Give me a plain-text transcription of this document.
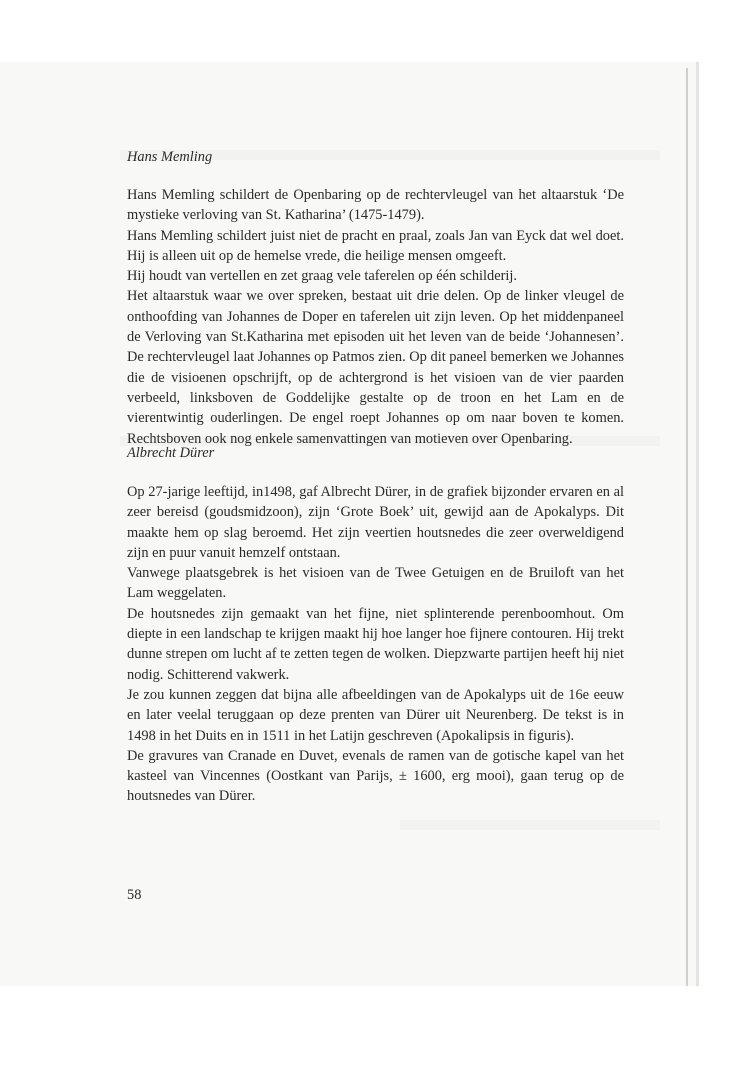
Hans Memling

Hans Memling schildert de Openbaring op de rechtervleugel van het altaarstuk ‘De mystieke verloving van St. Katharina’ (1475-1479).

Hans Memling schildert juist niet de pracht en praal, zoals Jan van Eyck dat wel doet. Hij is alleen uit op de hemelse vrede, die heilige mensen omgeeft.

Hij houdt van vertellen en zet graag vele taferelen op één schilderij.

Het altaarstuk waar we over spreken, bestaat uit drie delen. Op de linker vleugel de onthoofding van Johannes de Doper en taferelen uit zijn leven. Op het middenpaneel de Verloving van St.Katharina met episoden uit het leven van de beide ‘Johannesen’. De rechtervleugel laat Johannes op Patmos zien. Op dit paneel bemerken we Johannes die de visioenen opschrijft, op de achtergrond is het visioen van de vier paarden verbeeld, linksboven de Goddelijke gestalte op de troon en het Lam en de vierentwintig ouderlingen. De engel roept Johannes op om naar boven te komen. Rechtsboven ook nog enkele samenvattingen van motieven over Openbaring.

Albrecht Dürer

Op 27-jarige leeftijd, in1498, gaf Albrecht Dürer, in de grafiek bijzonder ervaren en al zeer bereisd (goudsmidzoon), zijn ‘Grote Boek’ uit, gewijd aan de Apokalyps. Dit maakte hem op slag beroemd. Het zijn veertien houtsnedes die zeer overweldigend zijn en puur vanuit hemzelf ontstaan.

Vanwege plaatsgebrek is het visioen van de Twee Getuigen en de Bruiloft van het Lam weggelaten.

De houtsnedes zijn gemaakt van het fijne, niet splinterende perenboomhout. Om diepte in een landschap te krijgen maakt hij hoe langer hoe fijnere contouren. Hij trekt dunne strepen om lucht af te zetten tegen de wolken. Diepzwarte partijen heeft hij niet nodig. Schitterend vakwerk.

Je zou kunnen zeggen dat bijna alle afbeeldingen van de Apokalyps uit de 16e eeuw en later veelal teruggaan op deze prenten van Dürer uit Neurenberg. De tekst is in 1498 in het Duits en in 1511 in het Latijn geschreven (Apokalipsis in figuris).

De gravures van Cranade en Duvet, evenals de ramen van de gotische kapel van het kasteel van Vincennes (Oostkant van Parijs, ± 1600, erg mooi), gaan terug op de houtsnedes van Dürer.

58
